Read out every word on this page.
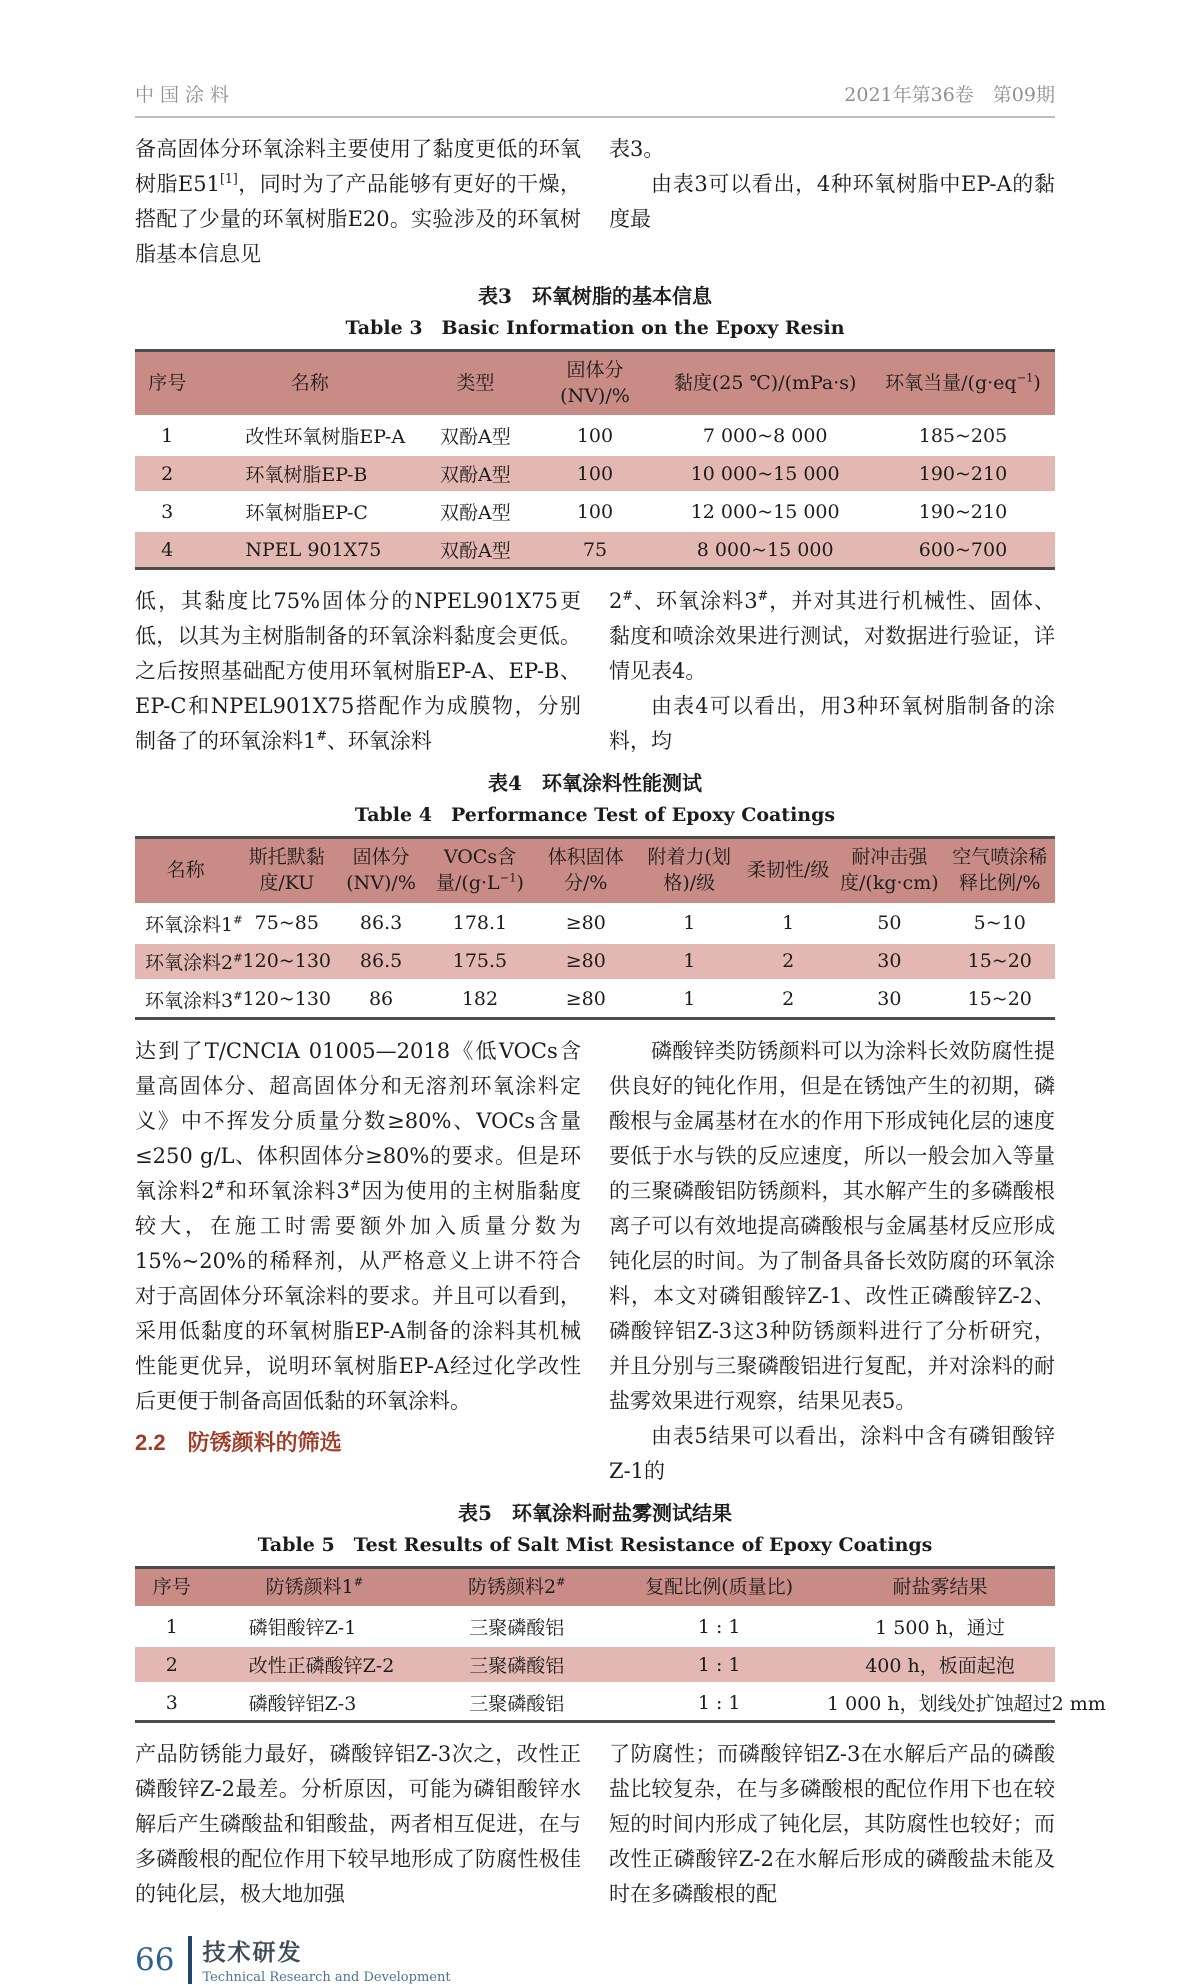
中国涂料	2021年第36卷　第09期

备高固体分环氧涂料主要使用了黏度更低的环氧树脂E51[1]，同时为了产品能够有更好的干燥，搭配了少量的环氧树脂E20。实验涉及的环氧树脂基本信息见

表3。

由表3可以看出，4种环氧树脂中EP-A的黏度最

表3　环氧树脂的基本信息
Table 3　Basic Information on the Epoxy Resin
序号	名称	类型	固体分(NV)/%	黏度(25 ℃)/(mPa·s)	环氧当量$/(g\cdot eq^{-1})$
1	改性环氧树脂EP-A	双酚A型	100	7 000~8 000	185~205
2	环氧树脂EP-B	双酚A型	100	10 000~15 000	190~210
3	环氧树脂EP-C	双酚A型	100	12 000~15 000	190~210
4	NPEL 901X75	双酚A型	75	8 000~15 000	600~700

低，其黏度比75%固体分的NPEL901X75更低，以其为主树脂制备的环氧涂料黏度会更低。之后按照基础配方使用环氧树脂EP-A、EP-B、EP-C和NPEL901X75搭配作为成膜物，分别制备了的环氧涂料1#、环氧涂料

2#、环氧涂料3#，并对其进行机械性、固体、黏度和喷涂效果进行测试，对数据进行验证，详情见表4。

由表4可以看出，用3种环氧树脂制备的涂料，均

表4　环氧涂料性能测试
Table 4　Performance Test of Epoxy Coatings
名称	斯托默黏度/KU	固体分(NV)/%	VOCs含量$/(g\cdot L^{-1})$	体积固体分/%	附着力(划格)/级	柔韧性/级	耐冲击强度/(kg·cm)	空气喷涂稀释比例/%
环氧涂料1#	75~85	86.3	178.1	≥80	1	1	50	5~10
环氧涂料2#	120~130	86.5	175.5	≥80	1	2	30	15~20
环氧涂料3#	120~130	86	182	≥80	1	2	30	15~20

达到了T/CNCIA 01005—2018《低VOCs含量高固体分、超高固体分和无溶剂环氧涂料定义》中不挥发分质量分数≥80%、VOCs含量≤250 g/L、体积固体分≥80%的要求。但是环氧涂料2#和环氧涂料3#因为使用的主树脂黏度较大，在施工时需要额外加入质量分数为15%~20%的稀释剂，从严格意义上讲不符合对于高固体分环氧涂料的要求。并且可以看到，采用低黏度的环氧树脂EP-A制备的涂料其机械性能更优异，说明环氧树脂EP-A经过化学改性后更便于制备高固低黏的环氧涂料。

2.2　防锈颜料的筛选

磷酸锌类防锈颜料可以为涂料长效防腐性提供良好的钝化作用，但是在锈蚀产生的初期，磷酸根与金属基材在水的作用下形成钝化层的速度要低于水与铁的反应速度，所以一般会加入等量的三聚磷酸铝防锈颜料，其水解产生的多磷酸根离子可以有效地提高磷酸根与金属基材反应形成钝化层的时间。为了制备具备长效防腐的环氧涂料，本文对磷钼酸锌Z-1、改性正磷酸锌Z-2、磷酸锌铝Z-3这3种防锈颜料进行了分析研究，并且分别与三聚磷酸铝进行复配，并对涂料的耐盐雾效果进行观察，结果见表5。

由表5结果可以看出，涂料中含有磷钼酸锌Z-1的

表5　环氧涂料耐盐雾测试结果
Table 5　Test Results of Salt Mist Resistance of Epoxy Coatings
序号	防锈颜料1#	防锈颜料2#	复配比例(质量比)	耐盐雾结果
1	磷钼酸锌Z-1	三聚磷酸铝	1 : 1	1 500 h，通过
2	改性正磷酸锌Z-2	三聚磷酸铝	1 : 1	400 h，板面起泡
3	磷酸锌铝Z-3	三聚磷酸铝	1 : 1	1 000 h，划线处扩蚀超过2 mm

产品防锈能力最好，磷酸锌铝Z-3次之，改性正磷酸锌Z-2最差。分析原因，可能为磷钼酸锌水解后产生磷酸盐和钼酸盐，两者相互促进，在与多磷酸根的配位作用下较早地形成了防腐性极佳的钝化层，极大地加强

了防腐性；而磷酸锌铝Z-3在水解后产品的磷酸盐比较复杂，在与多磷酸根的配位作用下也在较短的时间内形成了钝化层，其防腐性也较好；而改性正磷酸锌Z-2在水解后形成的磷酸盐未能及时在多磷酸根的配

66 技术研发
Technical Research and Development
